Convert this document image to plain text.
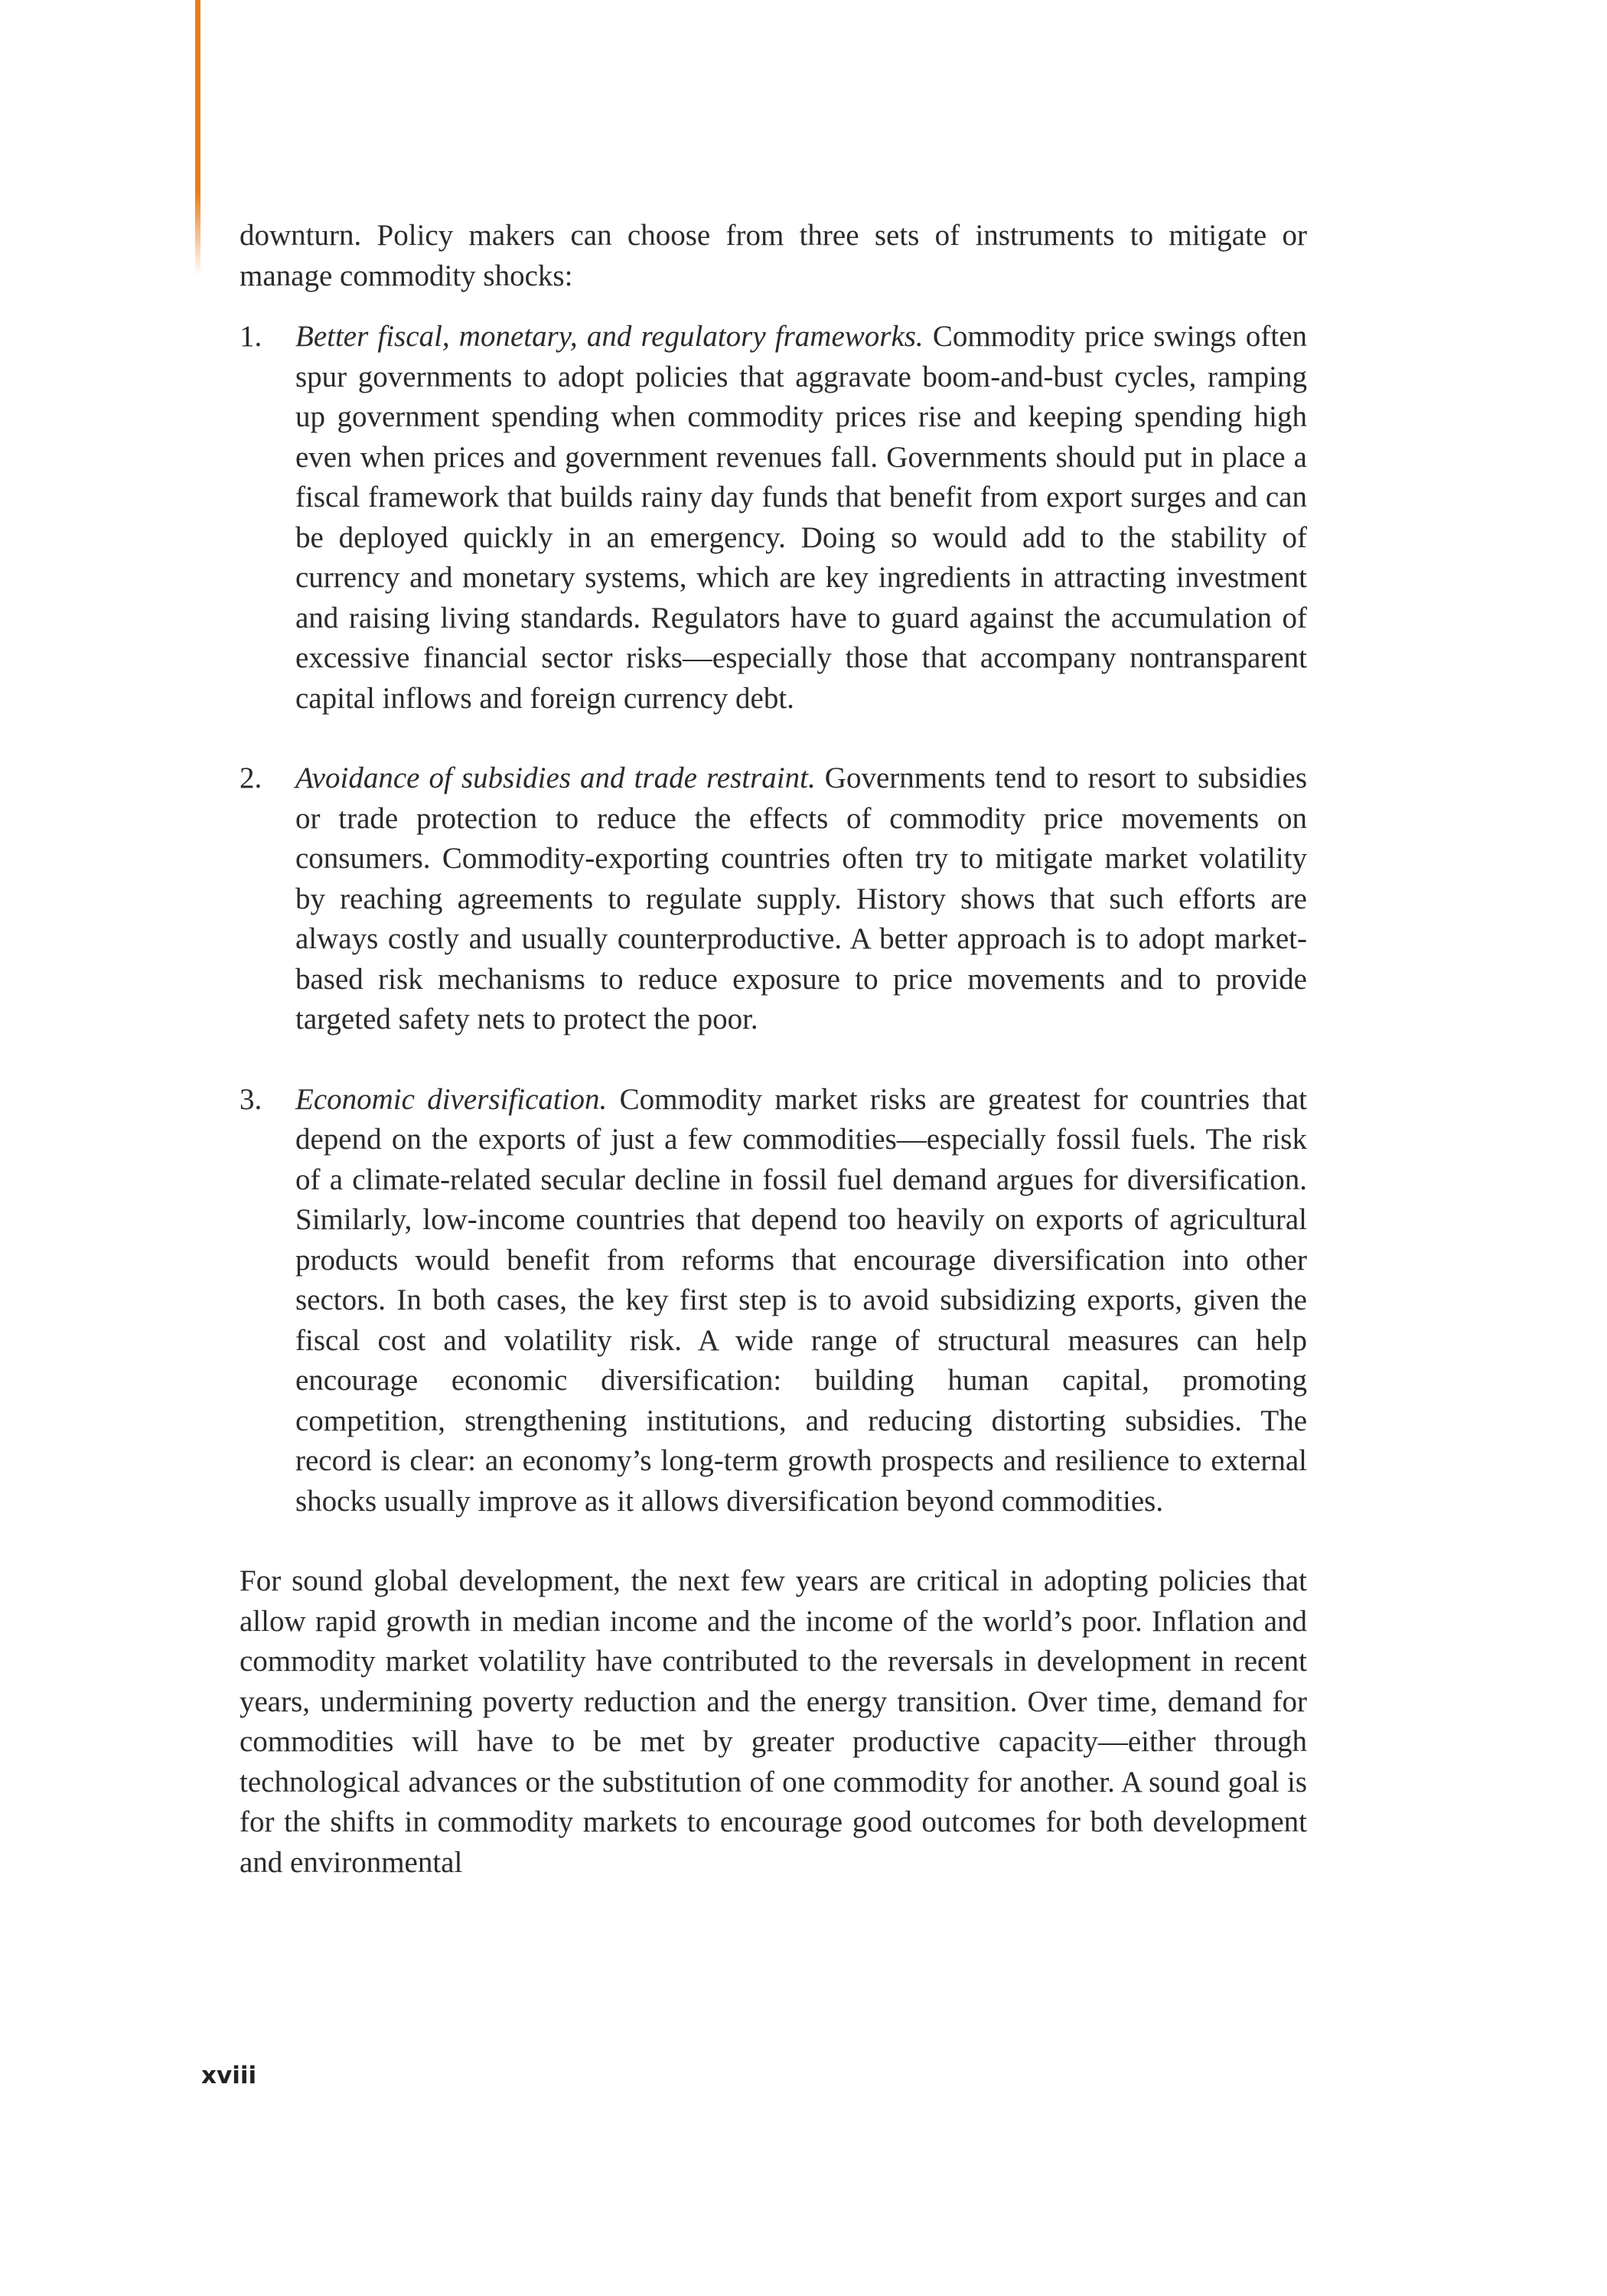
downturn. Policy makers can choose from three sets of instruments to mitigate or manage commodity shocks:

1. Better fiscal, monetary, and regulatory frameworks. Commodity price swings often spur governments to adopt policies that aggravate boom-and-bust cycles, ramping up government spending when commodity prices rise and keeping spending high even when prices and government revenues fall. Governments should put in place a fiscal framework that builds rainy day funds that benefit from export surges and can be deployed quickly in an emergency. Doing so would add to the stability of currency and monetary systems, which are key ingredients in attracting investment and raising living standards. Regulators have to guard against the accumulation of excessive financial sector risks—especially those that accompany nontransparent capital inflows and foreign currency debt.
2. Avoidance of subsidies and trade restraint. Governments tend to resort to subsidies or trade protection to reduce the effects of commodity price movements on consumers. Commodity-exporting countries often try to mitigate market volatility by reaching agreements to regulate supply. History shows that such efforts are always costly and usually counterproductive. A better approach is to adopt market-based risk mechanisms to reduce exposure to price movements and to provide targeted safety nets to protect the poor.
3. Economic diversification. Commodity market risks are greatest for countries that depend on the exports of just a few commodities—especially fossil fuels. The risk of a climate-related secular decline in fossil fuel demand argues for diversification. Similarly, low-income countries that depend too heavily on exports of agricultural products would benefit from reforms that encourage diversification into other sectors. In both cases, the key first step is to avoid subsidizing exports, given the fiscal cost and volatility risk. A wide range of structural measures can help encourage economic diversification: building human capital, promoting competition, strengthening institutions, and reducing distorting subsidies. The record is clear: an economy’s long-term growth prospects and resilience to external shocks usually improve as it allows diversification beyond commodities.

For sound global development, the next few years are critical in adopting policies that allow rapid growth in median income and the income of the world’s poor. Inflation and commodity market volatility have contributed to the reversals in development in recent years, undermining poverty reduction and the energy transition. Over time, demand for commodities will have to be met by greater productive capacity—either through technological advances or the substitution of one commodity for another. A sound goal is for the shifts in commodity markets to encourage good outcomes for both development and environmental

xviii
